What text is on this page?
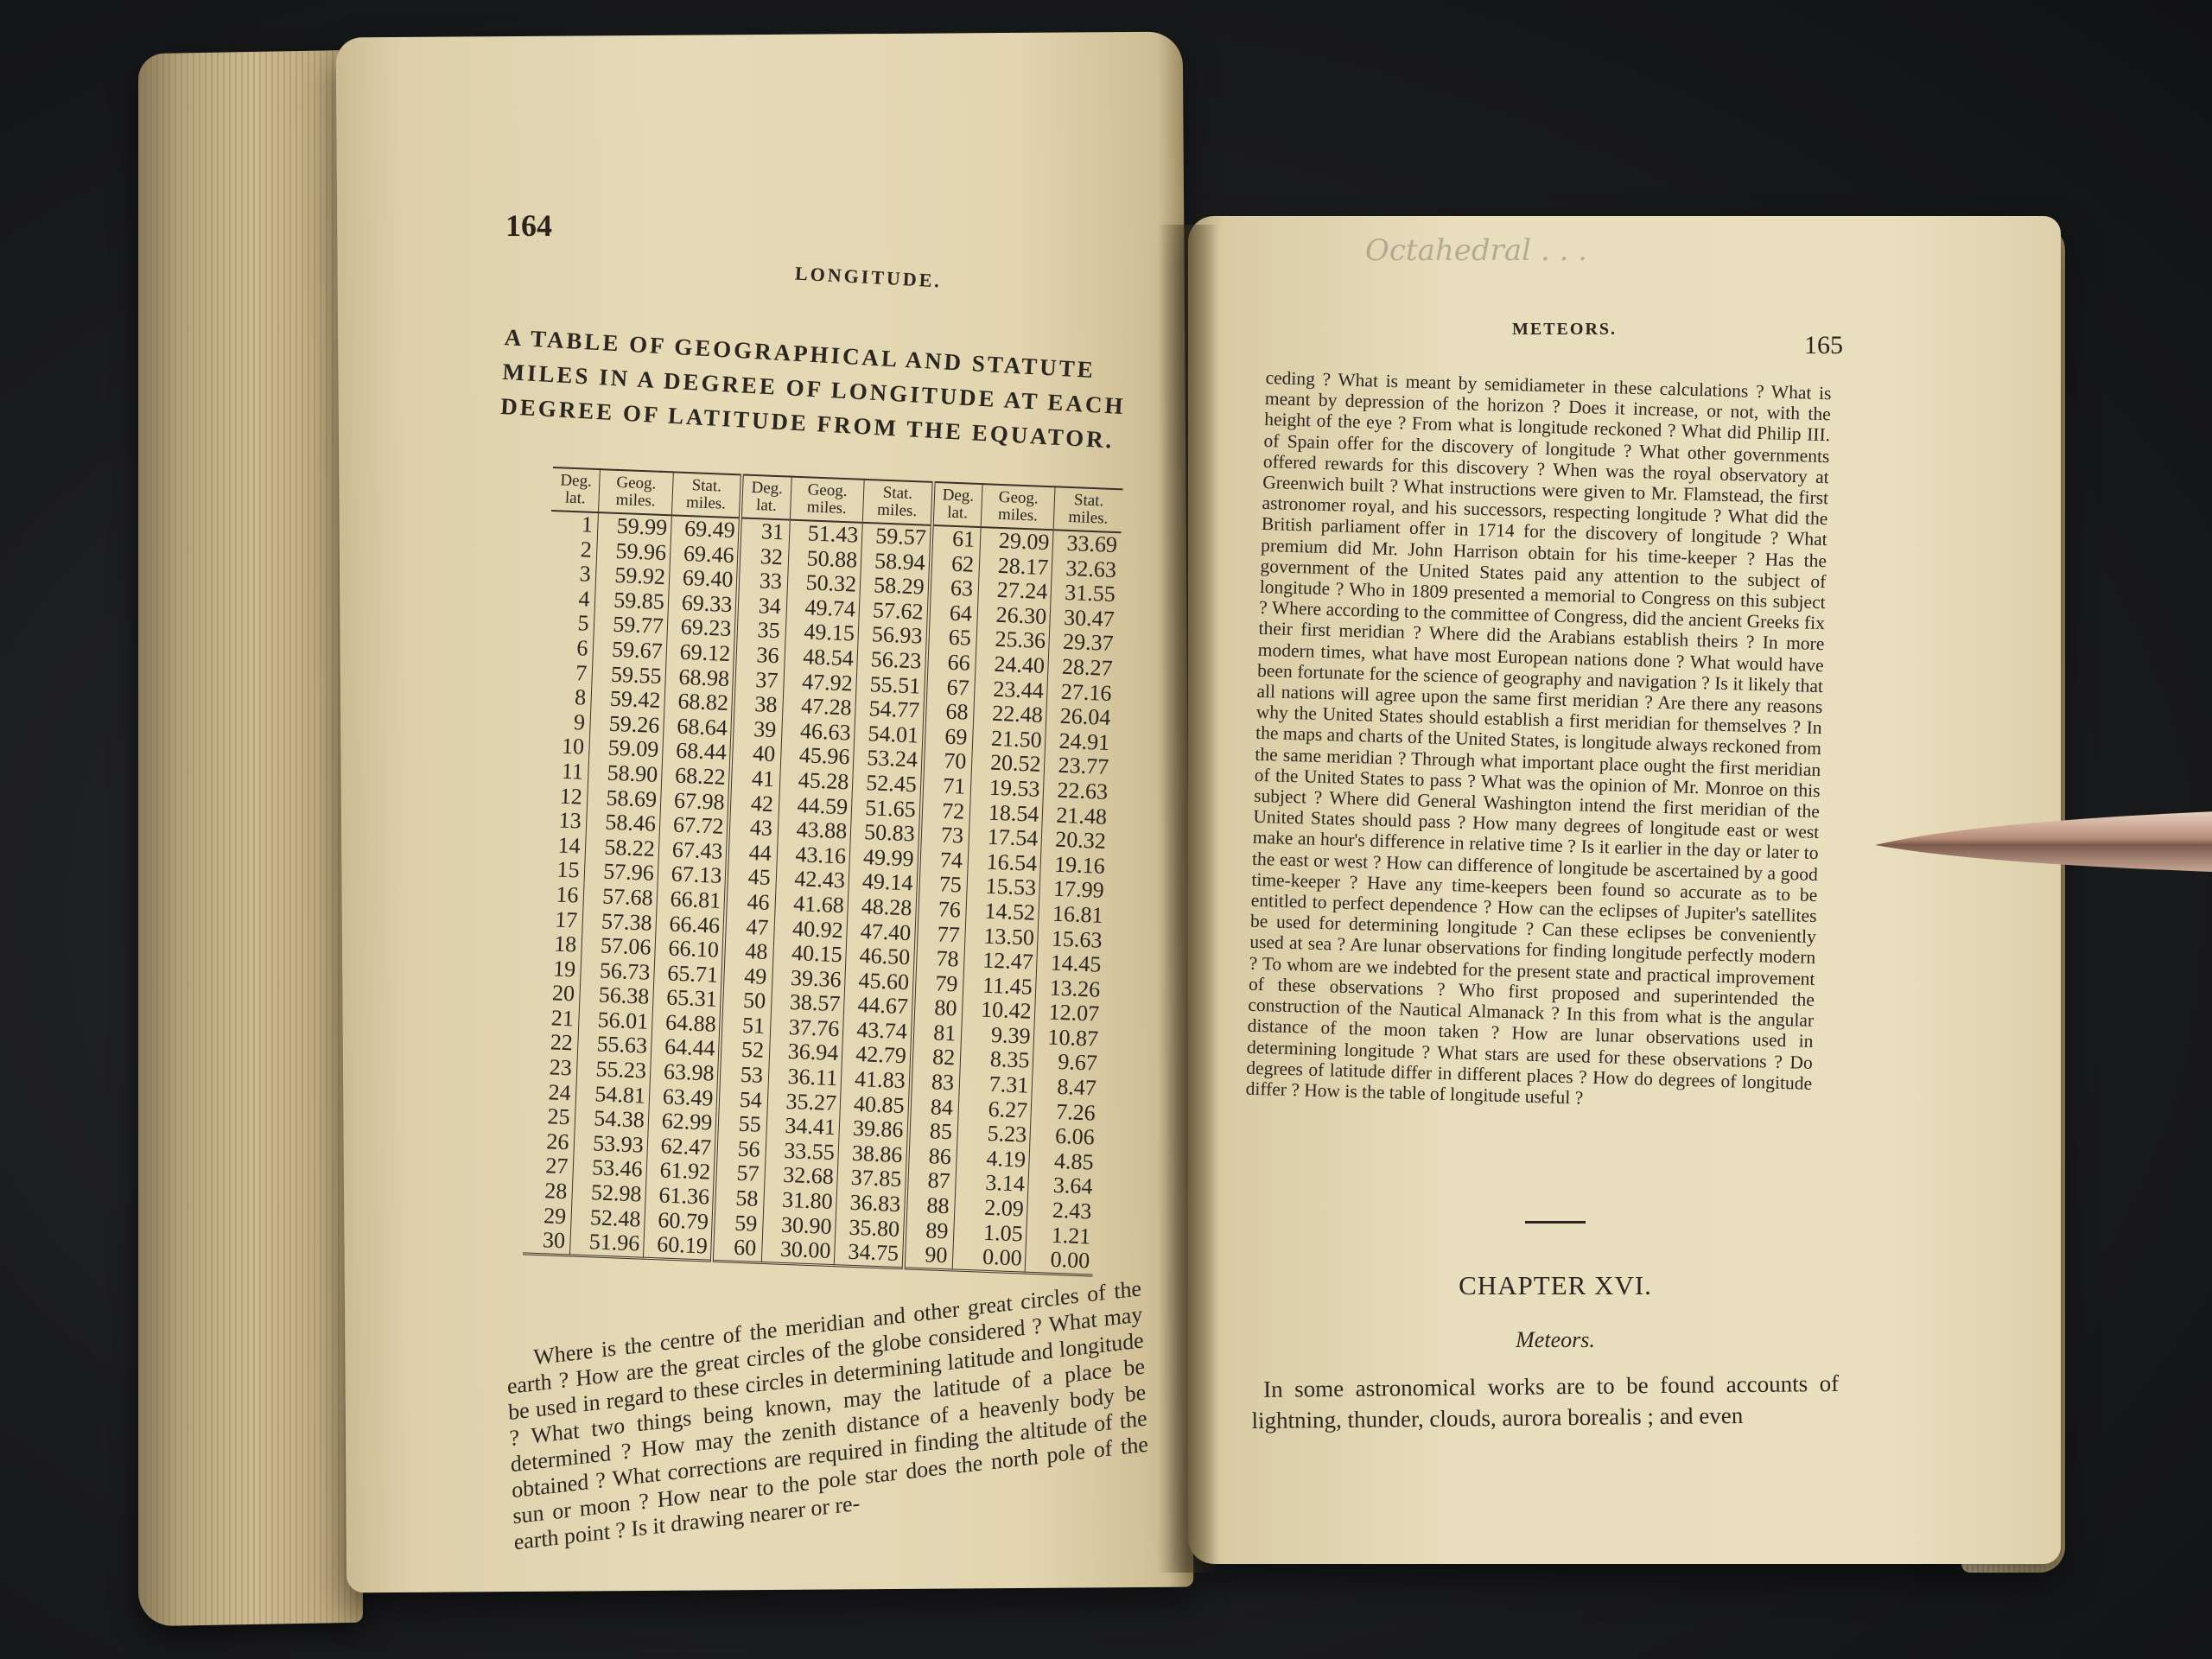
164
LONGITUDE.
A TABLE OF GEOGRAPHICAL AND STATUTE MILES IN A DEGREE OF LONGITUDE AT EACH DEGREE OF LATITUDE FROM THE EQUATOR.
Deg. lat.	Geog. miles.	Stat. miles.	Deg. lat.	Geog. miles.	Stat. miles.	Deg. lat.	Geog. miles.	Stat. miles.
1	59.99	69.49	31	51.43	59.57	61	29.09	33.69
2	59.96	69.46	32	50.88	58.94	62	28.17	32.63
3	59.92	69.40	33	50.32	58.29	63	27.24	31.55
4	59.85	69.33	34	49.74	57.62	64	26.30	30.47
5	59.77	69.23	35	49.15	56.93	65	25.36	29.37
6	59.67	69.12	36	48.54	56.23	66	24.40	28.27
7	59.55	68.98	37	47.92	55.51	67	23.44	27.16
8	59.42	68.82	38	47.28	54.77	68	22.48	26.04
9	59.26	68.64	39	46.63	54.01	69	21.50	24.91
10	59.09	68.44	40	45.96	53.24	70	20.52	23.77
11	58.90	68.22	41	45.28	52.45	71	19.53	22.63
12	58.69	67.98	42	44.59	51.65	72	18.54	21.48
13	58.46	67.72	43	43.88	50.83	73	17.54	20.32
14	58.22	67.43	44	43.16	49.99	74	16.54	19.16
15	57.96	67.13	45	42.43	49.14	75	15.53	17.99
16	57.68	66.81	46	41.68	48.28	76	14.52	16.81
17	57.38	66.46	47	40.92	47.40	77	13.50	15.63
18	57.06	66.10	48	40.15	46.50	78	12.47	14.45
19	56.73	65.71	49	39.36	45.60	79	11.45	13.26
20	56.38	65.31	50	38.57	44.67	80	10.42	12.07
21	56.01	64.88	51	37.76	43.74	81	9.39	10.87
22	55.63	64.44	52	36.94	42.79	82	8.35	9.67
23	55.23	63.98	53	36.11	41.83	83	7.31	8.47
24	54.81	63.49	54	35.27	40.85	84	6.27	7.26
25	54.38	62.99	55	34.41	39.86	85	5.23	6.06
26	53.93	62.47	56	33.55	38.86	86	4.19	4.85
27	53.46	61.92	57	32.68	37.85	87	3.14	3.64
28	52.98	61.36	58	31.80	36.83	88	2.09	2.43
29	52.48	60.79	59	30.90	35.80	89	1.05	1.21
30	51.96	60.19	60	30.00	34.75	90	0.00	0.00
Where is the centre of the meridian and other great circles of the earth ? How are the great circles of the globe considered ? What may be used in regard to these circles in determining latitude and longitude ? What two things being known, may the latitude of a place be determined ? How may the zenith distance of a heavenly body be obtained ? What corrections are required in finding the altitude of the sun or moon ? How near to the pole star does the north pole of the earth point ? Is it drawing nearer or re-
Octahedral . . .
METEORS.
165
ceding ? What is meant by semidiameter in these calculations ? What is meant by depression of the horizon ? Does it increase, or not, with the height of the eye ? From what is longitude reckoned ? What did Philip III. of Spain offer for the discovery of longitude ? What other governments offered rewards for this discovery ? When was the royal observatory at Greenwich built ? What instructions were given to Mr. Flamstead, the first astronomer royal, and his successors, respecting longitude ? What did the British parliament offer in 1714 for the discovery of longitude ? What premium did Mr. John Harrison obtain for his time-keeper ? Has the government of the United States paid any attention to the subject of longitude ? Who in 1809 presented a memorial to Congress on this subject ? Where according to the committee of Congress, did the ancient Greeks fix their first meridian ? Where did the Arabians establish theirs ? In more modern times, what have most European nations done ? What would have been fortunate for the science of geography and navigation ? Is it likely that all nations will agree upon the same first meridian ? Are there any reasons why the United States should establish a first meridian for themselves ? In the maps and charts of the United States, is longitude always reckoned from the same meridian ? Through what important place ought the first meridian of the United States to pass ? What was the opinion of Mr. Monroe on this subject ? Where did General Washington intend the first meridian of the United States should pass ? How many degrees of longitude east or west make an hour's difference in relative time ? Is it earlier in the day or later to the east or west ? How can difference of longitude be ascertained by a good time-keeper ? Have any time-keepers been found so accurate as to be entitled to perfect dependence ? How can the eclipses of Jupiter's satellites be used for determining longitude ? Can these eclipses be conveniently used at sea ? Are lunar observations for finding longitude perfectly modern ? To whom are we indebted for the present state and practical improvement of these observations ? Who first proposed and superintended the construction of the Nautical Almanack ? In this from what is the angular distance of the moon taken ? How are lunar observations used in determining longitude ? What stars are used for these observations ? Do degrees of latitude differ in different places ? How do degrees of longitude differ ? How is the table of longitude useful ?
CHAPTER XVI.
Meteors.
In some astronomical works are to be found accounts of lightning, thunder, clouds, aurora borealis ; and even
